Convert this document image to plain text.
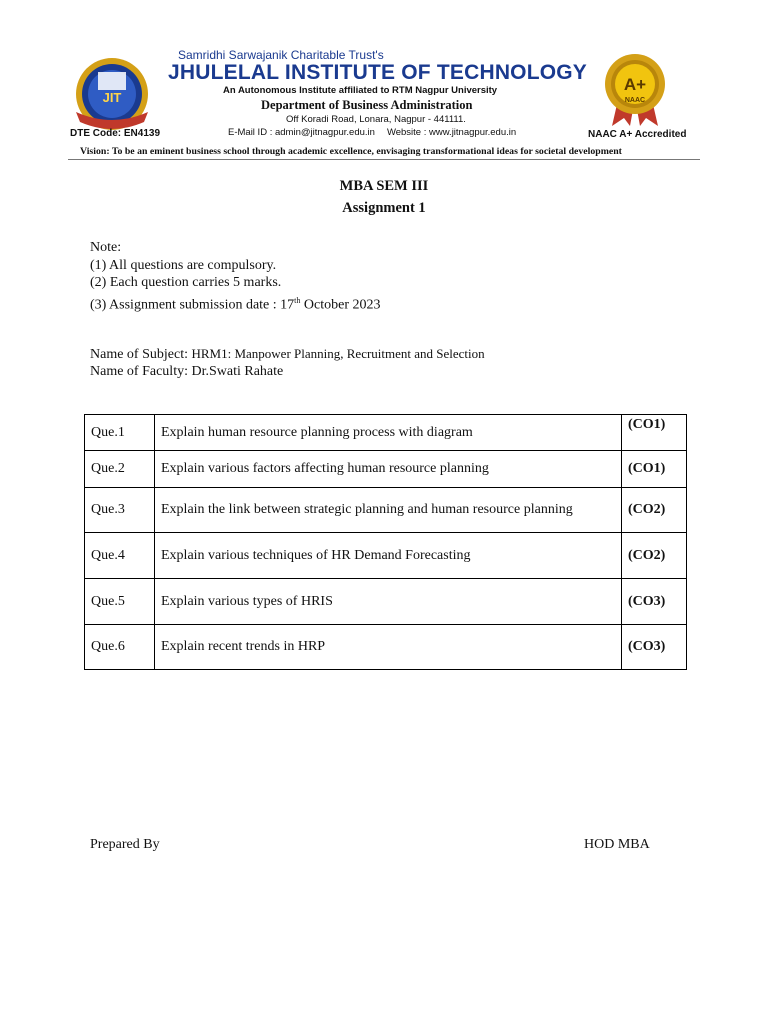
JIT
DTE Code: EN4139
Samridhi Sarwajanik Charitable Trust's
JHULELAL INSTITUTE OF TECHNOLOGY
An Autonomous Institute affiliated to RTM Nagpur University
Department of Business Administration
Off Koradi Road, Lonara, Nagpur - 441111.
E-Mail ID : admin@jitnagpur.edu.in Website : www.jitnagpur.edu.in
A+
NAAC
NAAC A+ Accredited
Vision: To be an eminent business school through academic excellence, envisaging transformational ideas for societal development
MBA SEM III
Assignment 1
Note:
(1) All questions are compulsory.
(2) Each question carries 5 marks.
(3) Assignment submission date : 17th October 2023
Name of Subject: HRM1: Manpower Planning, Recruitment and Selection
Name of Faculty: Dr.Swati Rahate
Que.1	Explain human resource planning process with diagram	(CO1)
Que.2	Explain various factors affecting human resource planning	(CO1)
Que.3	Explain the link between strategic planning and human resource planning	(CO2)
Que.4	Explain various techniques of HR Demand Forecasting	(CO2)
Que.5	Explain various types of HRIS	(CO3)
Que.6	Explain recent trends in HRP	(CO3)
Prepared By	HOD MBA
